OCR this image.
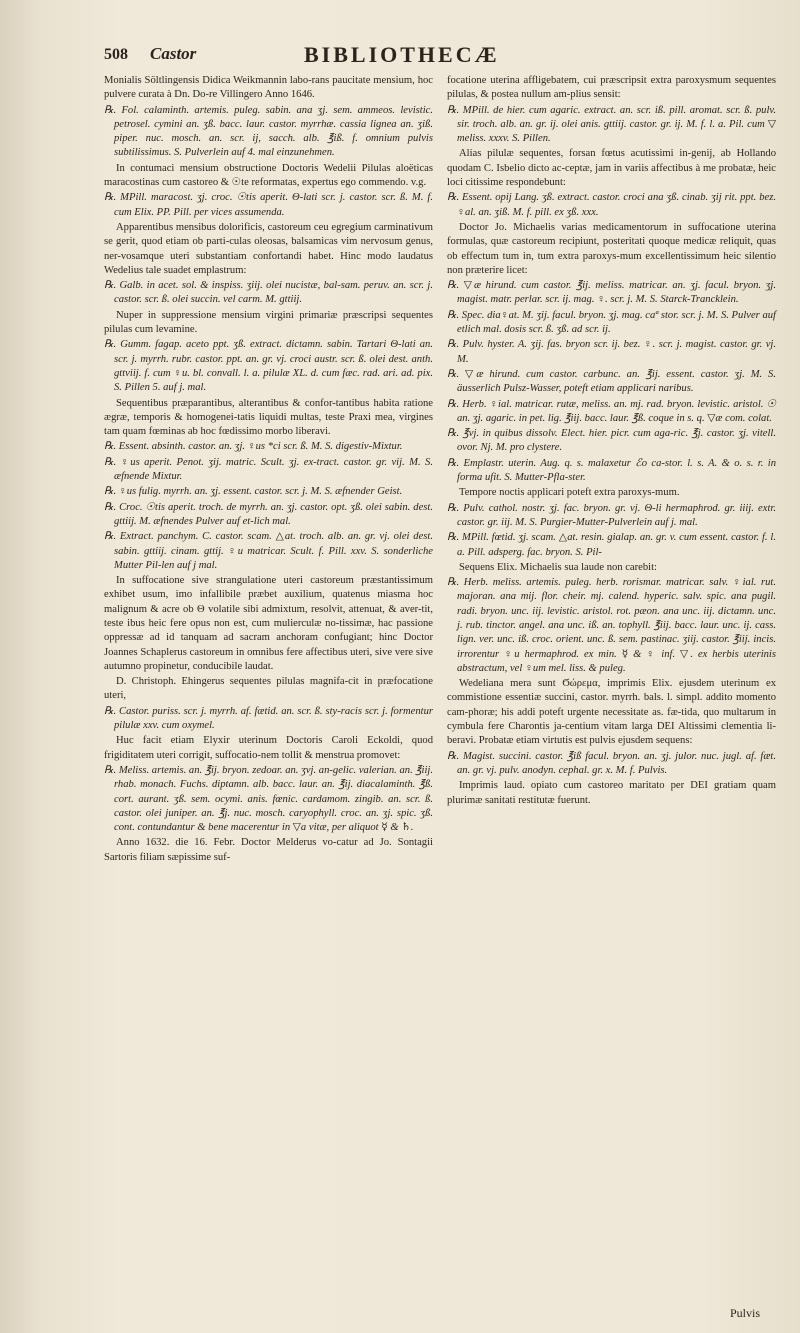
508 Castor	BIBLIOTHECÆ

Monialis Söltlingensis Didica Weikmannin labo-rans paucitate mensium, hoc pulvere curata à Dn. Do-re Villingero Anno 1646.

℞. Fol. calaminth. artemis. puleg. sabin. ana ʒj. sem. ammeos. levistic. petrosel. cymini an. ʒß. bacc. laur. castor. myrrhæ. cassia lignea an. ʒiß. piper. nuc. mosch. an. scr. ij, sacch. alb. ℥iß. f. omnium pulvis subtilissimus. S. Pulverlein auf 4. mal einzunehmen.

In contumaci mensium obstructione Doctoris Wedelii Pilulas aloëticas maracostinas cum castoreo & ☉te reformatas, expertus ego commendo. v.g.

℞. MPill. maracost. ʒj. croc. ☉tis aperit. Θ-lati scr. j. castor. scr. ß. M. f. cum Elix. PP. Pill. per vices assumenda.

Apparentibus mensibus dolorificis, castoreum ceu egregium carminativum se gerit, quod etiam ob parti-culas oleosas, balsamicas vim nervosum genus, ner-vosamque uteri substantiam confortandi habet. Hinc modo laudatus Wedelius tale suadet emplastrum:

℞. Galb. in acet. sol. & inspiss. ʒiij. olei nucistæ, bal-sam. peruv. an. scr. j. castor. scr. ß. olei succin. vel carm. M. gttiij.

Nuper in suppressione mensium virgini primariæ præscripsi sequentes pilulas cum levamine.

℞. Gumm. fagap. aceto ppt. ʒß. extract. dictamn. sabin. Tartari Θ-lati an. scr. j. myrrh. rubr. castor. ppt. an. gr. vj. croci austr. scr. ß. olei dest. anth. gttviij. f. cum ♀u. bl. convall. l. a. pilulæ XL. d. cum fæc. rad. ari. ad. pix. S. Pillen 5. auf j. mal.

Sequentibus præparantibus, alterantibus & confor-tantibus habita ratione ægræ, temporis & homogenei-tatis liquidi multas, teste Praxi mea, virgines tam quam fœminas ab hoc fœdissimo morbo liberavi.

℞. Essent. absinth. castor. an. ʒj. ♀us *ci scr. ß. M. S. digestiv-Mixtur.

℞. ♀us aperit. Penot. ʒij. matric. Scult. ʒj. ex-tract. castor. gr. vij. M. S. æfnende Mixtur.

℞. ♀us fulig. myrrh. an. ʒj. essent. castor. scr. j. M. S. æfnender Geist.

℞. Croc. ☉tis aperit. troch. de myrrh. an. ʒj. castor. opt. ʒß. olei sabin. dest. gttiij. M. æfnendes Pulver auf et-lich mal.

℞. Extract. panchym. C. castor. scam. △at. troch. alb. an. gr. vj. olei dest. sabin. gttiij. cinam. gttij. ♀u matricar. Scult. f. Pill. xxv. S. sonderliche Mutter Pil-len auf j mal.

In suffocatione sive strangulatione uteri castoreum præstantissimum exhibet usum, imo infallibile præbet auxilium, quatenus miasma hoc malignum & acre ob Θ volatile sibi admixtum, resolvit, attenuat, & aver-tit, teste ibus heic fere opus non est, cum mulierculæ no-tissimæ, hac passione oppressæ ad id tanquam ad sacram anchoram confugiant; hinc Doctor Joannes Schaplerus castoreum in omnibus fere affectibus uteri, sive vere sive autumno propinetur, conducibile laudat.

D. Christoph. Ehingerus sequentes pilulas magnifa-cit in præfocatione uteri,

℞. Castor. puriss. scr. j. myrrh. af. fætid. an. scr. ß. sty-racis scr. j. formentur pilulæ xxv. cum oxymel.

Huc facit etiam Elyxir uterinum Doctoris Caroli Eckoldi, quod frigiditatem uteri corrigit, suffocatio-nem tollit & menstrua promovet:

℞. Meliss. artemis. an. ℥ij. bryon. zedoar. an. ʒvj. an-gelic. valerian. an. ℥iij. rhab. monach. Fuchs. diptamn. alb. bacc. laur. an. ℥ij. diacalaminth. ℥ß. cort. aurant. ʒß. sem. ocymi. anis. fœnic. cardamom. zingib. an. scr. ß. castor. olei juniper. an. ℥j. nuc. mosch. caryophyll. croc. an. ʒj. spic. ʒß. cont. contundantur & bene macerentur in ▽a vitæ, per aliquot ☿ & ♄.

Anno 1632. die 16. Febr. Doctor Melderus vo-catur ad Jo. Sontagii Sartoris filiam sæpissime suf-

focatione uterina affligebatem, cui præscripsit extra paroxysmum sequentes pilulas, & postea nullum am-plius sensit:

℞. MPill. de hier. cum agaric. extract. an. scr. iß. pill. aromat. scr. ß. pulv. sir. troch. alb. an. gr. ij. olei anis. gttiij. castor. gr. ij. M. f. l. a. Pil. cum ▽ meliss. xxxv. S. Pillen.

Alias pilulæ sequentes, forsan fœtus acutissimi in-genij, ab Hollando quodam C. Isbelio dicto ac-ceptæ, jam in variis affectibus à me probatæ, heic loci citissime respondebunt:

℞. Essent. opij Lang. ʒß. extract. castor. croci ana ʒß. cinab. ʒij rit. ppt. bez. ♀al. an. ʒiß. M. f. pill. ex ʒß. xxx.

Doctor Jo. Michaelis varias medicamentorum in suffocatione uterina formulas, quæ castoreum recipiunt, posteritati quoque medicæ reliquit, quas ob effectum tum in, tum extra paroxys-mum excellentissimum heic silentio non præterire licet:

℞. ▽æ hirund. cum castor. ℥ij. meliss. matricar. an. ʒj. facul. bryon. ʒj. magist. matr. perlar. scr. ij. mag. ♀. scr. j. M. S. Starck-Trancklein.

℞. Spec. dia♀at. M. ʒij. facul. bryon. ʒj. mag. caª stor. scr. j. M. S. Pulver auf etlich mal. dosis scr. ß. ʒß. ad scr. ij.

℞. Pulv. hyster. A. ʒij. fas. bryon scr. ij. bez. ♀. scr. j. magist. castor. gr. vj. M.

℞. ▽æ hirund. cum castor. carbunc. an. ℥ij. essent. castor. ʒj. M. S. äusserlich Pulsz-Wasser, poteft etiam applicari naribus.

℞. Herb. ♀ial. matricar. rutæ, meliss. an. mj. rad. bryon. levistic. aristol. ☉ an. ʒj. agaric. in pet. lig. ℥iij. bacc. laur. ℥ß. coque in s. q. ▽æ com. colat.

℞. ℥vj. in quibus dissolv. Elect. hier. picr. cum aga-ric. ℥j. castor. ʒj. vitell. ovor. Nj. M. pro clystere.

℞. Emplastr. uterin. Aug. q. s. malaxetur ℰo ca-stor. l. s. A. & o. s. r. in forma ufit. S. Mutter-Pfla-ster.

Tempore noctis applicari poteft extra paroxys-mum.

℞. Pulv. cathol. nostr. ʒj. fac. bryon. gr. vj. Θ-li hermaphrod. gr. iiij. extr. castor. gr. iij. M. S. Purgier-Mutter-Pulverlein auf j. mal.

℞. MPill. fœtid. ʒj. scam. △at. resin. gialap. an. gr. v. cum essent. castor. f. l. a. Pill. adsperg. fac. bryon. S. Pil-

Sequens Elix. Michaelis sua laude non carebit:

℞. Herb. meliss. artemis. puleg. herb. rorismar. matricar. salv. ♀ial. rut. majoran. ana mij. flor. cheir. mj. calend. hyperic. salv. spic. ana pugil. radi. bryon. unc. iij. levistic. aristol. rot. pæon. ana unc. iij. dictamn. unc. j. rub. tinctor. angel. ana unc. iß. an. tophyll. ℥iij. bacc. laur. unc. ij. cass. lign. ver. unc. iß. croc. orient. unc. ß. sem. pastinac. ʒiij. castor. ℥iij. incis. irrorentur ♀u hermaphrod. ex min. ☿ & ♀ inf. ▽. ex herbis uterinis abstractum, vel ♀um mel. liss. & puleg.

Wedeliana mera sunt Ϭώρεμα, imprimis Elix. ejusdem uterinum ex commistione essentiæ succini, castor. myrrh. bals. l. simpl. addito momento cam-phoræ; his addi poteft urgente necessitate as. fæ-tida, quo multarum in cymbula fere Charontis ja-centium vitam larga DEI Altissimi clementia li-beravi. Probatæ etiam virtutis est pulvis ejusdem sequens:

℞. Magist. succini. castor. ℥iß facul. bryon. an. ʒj. julor. nuc. jugl. af. fæt. an. gr. vj. pulv. anodyn. cephal. gr. x. M. f. Pulvis.

Imprimis laud. opiato cum castoreo maritato per DEI gratiam quam plurimæ sanitati restitutæ fuerunt.

Pulvis
